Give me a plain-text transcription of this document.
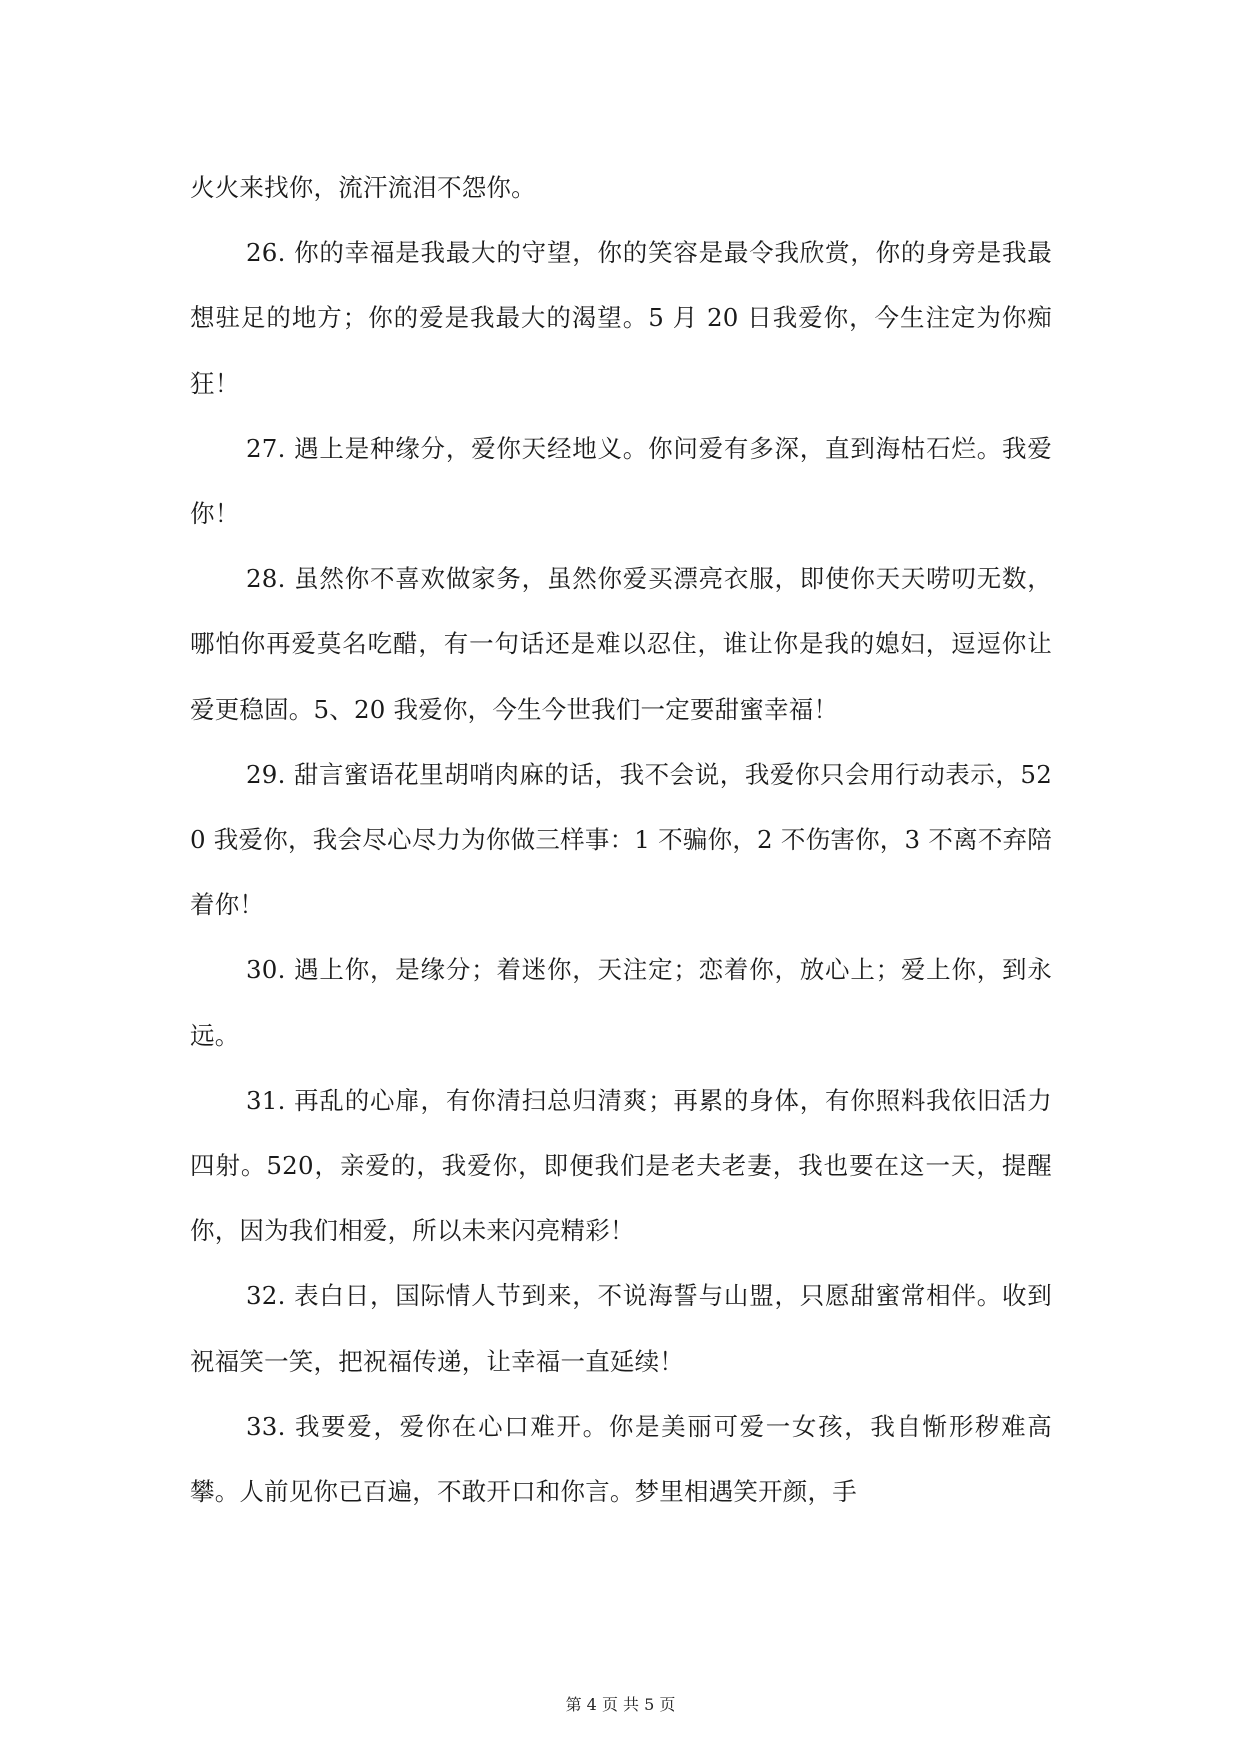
火火来找你，流汗流泪不怨你。

26. 你的幸福是我最大的守望，你的笑容是最令我欣赏，你的身旁是我最想驻足的地方；你的爱是我最大的渴望。5 月 20 日我爱你，今生注定为你痴狂！

27. 遇上是种缘分，爱你天经地义。你问爱有多深，直到海枯石烂。我爱你！

28. 虽然你不喜欢做家务，虽然你爱买漂亮衣服，即使你天天唠叨无数，哪怕你再爱莫名吃醋，有一句话还是难以忍住，谁让你是我的媳妇，逗逗你让爱更稳固。5、20 我爱你，今生今世我们一定要甜蜜幸福！

29. 甜言蜜语花里胡哨肉麻的话，我不会说，我爱你只会用行动表示，520 我爱你，我会尽心尽力为你做三样事：1 不骗你，2 不伤害你，3 不离不弃陪着你！

30. 遇上你，是缘分；着迷你，天注定；恋着你，放心上；爱上你，到永远。

31. 再乱的心扉，有你清扫总归清爽；再累的身体，有你照料我依旧活力四射。520，亲爱的，我爱你，即便我们是老夫老妻，我也要在这一天，提醒你，因为我们相爱，所以未来闪亮精彩！

32. 表白日，国际情人节到来，不说海誓与山盟，只愿甜蜜常相伴。收到祝福笑一笑，把祝福传递，让幸福一直延续！

33. 我要爱，爱你在心口难开。你是美丽可爱一女孩，我自惭形秽难高攀。人前见你已百遍，不敢开口和你言。梦里相遇笑开颜，手

第 4 页 共 5 页
